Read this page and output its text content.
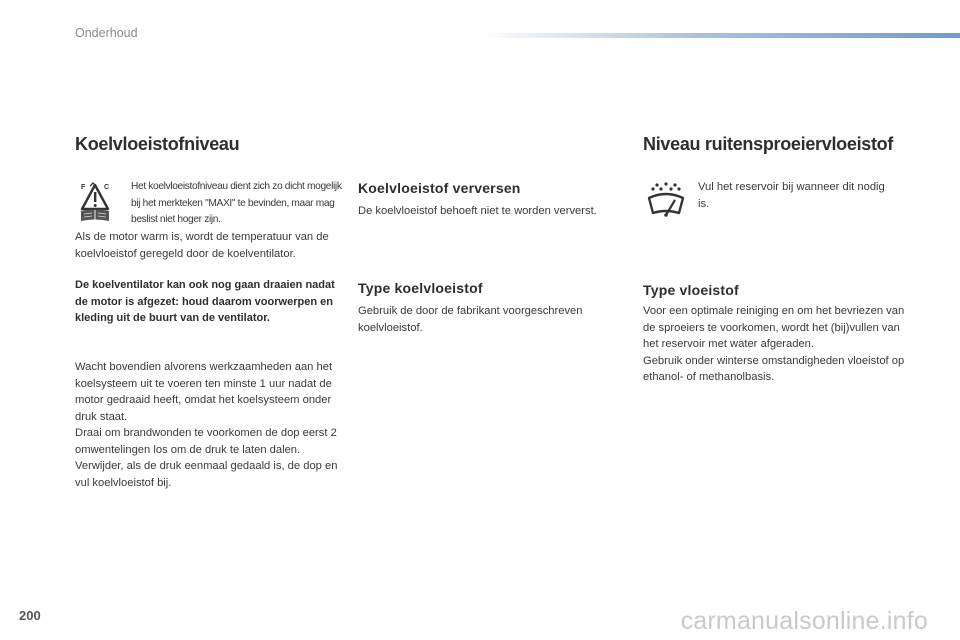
Onderhoud
Koelvloeistofniveau
F	C Het koelvloeistofniveau dient zich zo dicht mogelijk bij het merkteken "MAXI" te bevinden, maar mag beslist niet hoger zijn.
Als de motor warm is, wordt de temperatuur van de koelvloeistof geregeld door de koelventilator.
De koelventilator kan ook nog gaan draaien nadat de motor is afgezet: houd daarom voorwerpen en kleding uit de buurt van de ventilator.
Wacht bovendien alvorens werkzaamheden aan het koelsysteem uit te voeren ten minste 1 uur nadat de motor gedraaid heeft, omdat het koelsysteem onder druk staat.
Draai om brandwonden te voorkomen de dop eerst 2 omwentelingen los om de druk te laten dalen. Verwijder, als de druk eenmaal gedaald is, de dop en vul koelvloeistof bij.
Koelvloeistof verversen
De koelvloeistof behoeft niet te worden ververst.
Type koelvloeistof
Gebruik de door de fabrikant voorgeschreven koelvloeistof.
Niveau ruitensproeiervloeistof
Vul het reservoir bij wanneer dit nodig is.
Type vloeistof
Voor een optimale reiniging en om het bevriezen van de sproeiers te voorkomen, wordt het (bij)vullen van het reservoir met water afgeraden.
Gebruik onder winterse omstandigheden vloeistof op ethanol- of methanolbasis.
200	carmanualsonline.info
